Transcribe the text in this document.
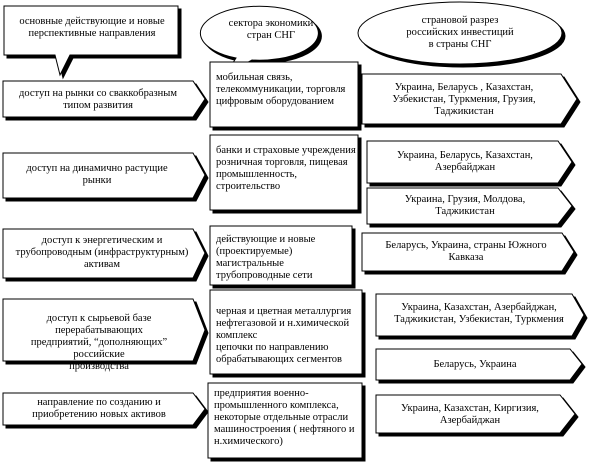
основные действующие и новые
перспективные направления
сектора экономики
стран СНГ
страновой разрез
российских инвестиций
в страны СНГ
доступ на рынки со сваккобразным
типом развития
мобильная связь,
телекоммуникации, торговля
цифровым оборудованием
Украина, Беларусь , Казахстан,
Узбекистан, Туркмения, Грузия,
Таджикистан
доступ на динамично растущие
рынки
банки и страховые учреждения
розничная торговля, пищевая
промышленность,
строительство
Украина, Беларусь, Казахстан,
Азербайджан
Украина, Грузия, Молдова,
Таджикистан
доступ к энергетическим и
трубопроводным (инфраструктурным)
активам
действующие и новые
(проектируемые)
магистральные
трубопроводные сети
Беларусь, Украина, страны Южного
Кавказа
доступ к сырьевой базе перерабатывающих
предприятий, “дополняющих” российские
производства
черная и цветная металлургия
нефтегазовой и н.химической
комплекс
цепочки по направлению
обрабатывающих сегментов
Украина, Казахстан, Азербайджан,
Таджикистан, Узбекистан, Туркмения
Беларусь, Украина
направление по созданию и
приобретению новых активов
предприятия военно-
промышленного комплекса,
некоторые отдельные отрасли
машиностроения ( нефтяного и
н.химического)
Украина, Казахстан, Киргизия,
Азербайджан
